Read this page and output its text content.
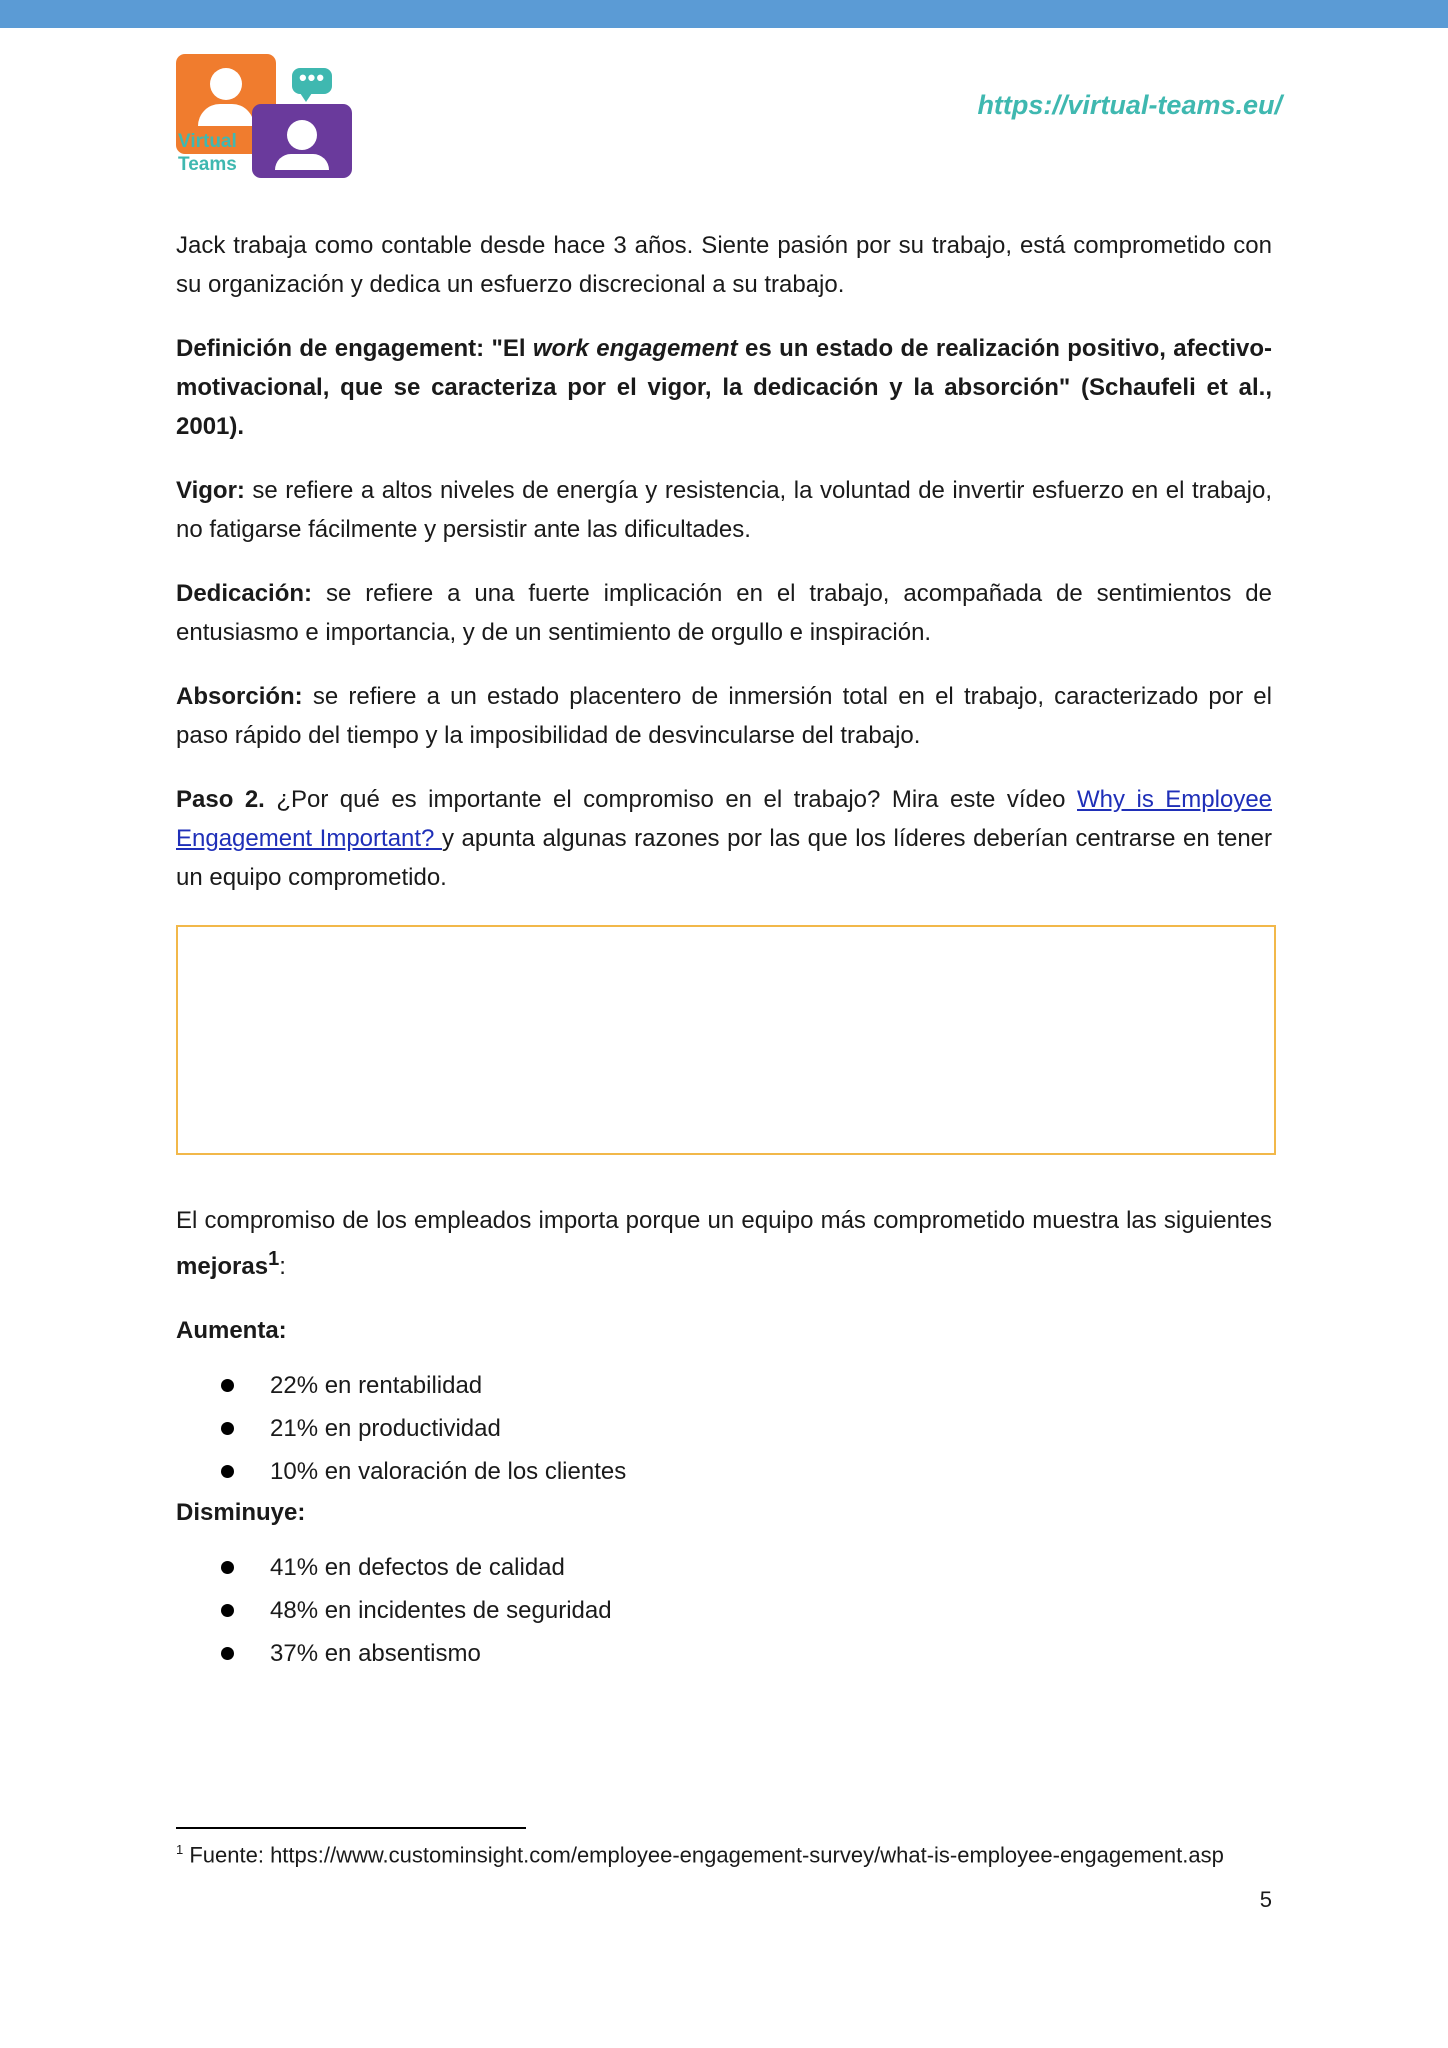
•••
Virtual
Teams
https://virtual-teams.eu/

Jack trabaja como contable desde hace 3 años. Siente pasión por su trabajo, está comprometido con su organización y dedica un esfuerzo discrecional a su trabajo.

Definición de engagement: "El work engagement es un estado de realización positivo, afectivo-motivacional, que se caracteriza por el vigor, la dedicación y la absorción" (Schaufeli et al., 2001).

Vigor: se refiere a altos niveles de energía y resistencia, la voluntad de invertir esfuerzo en el trabajo, no fatigarse fácilmente y persistir ante las dificultades.

Dedicación: se refiere a una fuerte implicación en el trabajo, acompañada de sentimientos de entusiasmo e importancia, y de un sentimiento de orgullo e inspiración.

Absorción: se refiere a un estado placentero de inmersión total en el trabajo, caracterizado por el paso rápido del tiempo y la imposibilidad de desvincularse del trabajo.

Paso 2. ¿Por qué es importante el compromiso en el trabajo? Mira este vídeo Why is Employee Engagement Important? y apunta algunas razones por las que los líderes deberían centrarse en tener un equipo comprometido.

El compromiso de los empleados importa porque un equipo más comprometido muestra las siguientes mejoras$^1$:

Aumenta:
22% en rentabilidad
21% en productividad
10% en valoración de los clientes
Disminuye:
41% en defectos de calidad
48% en incidentes de seguridad
37% en absentismo
$^1$ Fuente: https://www.custominsight.com/employee-engagement-survey/what-is-employee-engagement.asp
5
